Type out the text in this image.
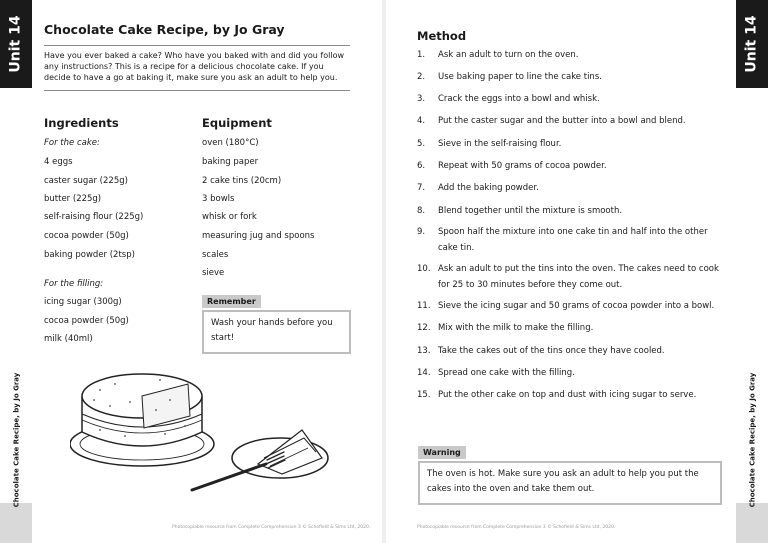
Unit 14	Unit 14
Chocolate Cake Recipe, by Jo Gray	Chocolate Cake Recipe, by Jo Gray
Chocolate Cake Recipe, by Jo Gray

Have you ever baked a cake? Who have you baked with and did you follow any instructions? This is a recipe for a delicious chocolate cake. If you decide to have a go at baking it, make sure you ask an adult to help you.

Ingredients
For the cake:
4 eggs
caster sugar (225g)
butter (225g)
self-raising flour (225g)
cocoa powder (50g)
baking powder (2tsp)
For the filling:
icing sugar (300g)
cocoa powder (50g)
milk (40ml)
Equipment
oven (180°C)
baking paper
2 cake tins (20cm)
3 bowls
whisk or fork
measuring jug and spoons
scales
sieve
Remember
Wash your hands before you start!
Photocopiable resource from Complete Comprehension 3 © Schofield & Sims Ltd, 2020.
Method
1.	Ask an adult to turn on the oven.
2.	Use baking paper to line the cake tins.
3.	Crack the eggs into a bowl and whisk.
4.	Put the caster sugar and the butter into a bowl and blend.
5.	Sieve in the self-raising flour.
6.	Repeat with 50 grams of cocoa powder.
7.	Add the baking powder.
8.	Blend together until the mixture is smooth.
9.	Spoon half the mixture into one cake tin and half into the other cake tin.
10. Ask an adult to put the tins into the oven. The cakes need to cook for 25 to 30 minutes before they come out.
11. Sieve the icing sugar and 50 grams of cocoa powder into a bowl.
12. Mix with the milk to make the filling.
13. Take the cakes out of the tins once they have cooled.
14. Spread one cake with the filling.
15. Put the other cake on top and dust with icing sugar to serve.
Warning
The oven is hot. Make sure you ask an adult to help you put the cakes into the oven and take them out.
Photocopiable resource from Complete Comprehension 3 © Schofield & Sims Ltd, 2020.
